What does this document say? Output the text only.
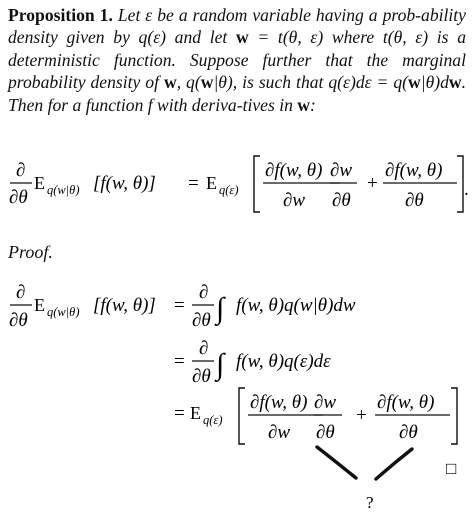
Proposition 1. Let ε be a random variable having a prob-ability density given by q(ε) and let w = t(θ, ε) where t(θ, ε) is a deterministic function. Suppose further that the marginal probability density of w, q(w|θ), is such that q(ε)dε = q(w|θ)dw. Then for a function f with deriva-tives in w:
∂
∂θ
E q(w|θ) [f(w, θ)] = E q(ε)
∂f(w, θ)
∂w
∂w
∂θ
+
∂f(w, θ)
∂θ
.
Proof.
∂
∂θ
E q(w|θ) [f(w, θ)] =
∂
∂θ ∫ f(w, θ)q(w|θ)dw
=
∂
∂θ ∫ f(w, θ)q(ε)dε
= E q(ε)
∂f(w, θ)
∂w
∂w
∂θ
+
∂f(w, θ)
∂θ
□
?
